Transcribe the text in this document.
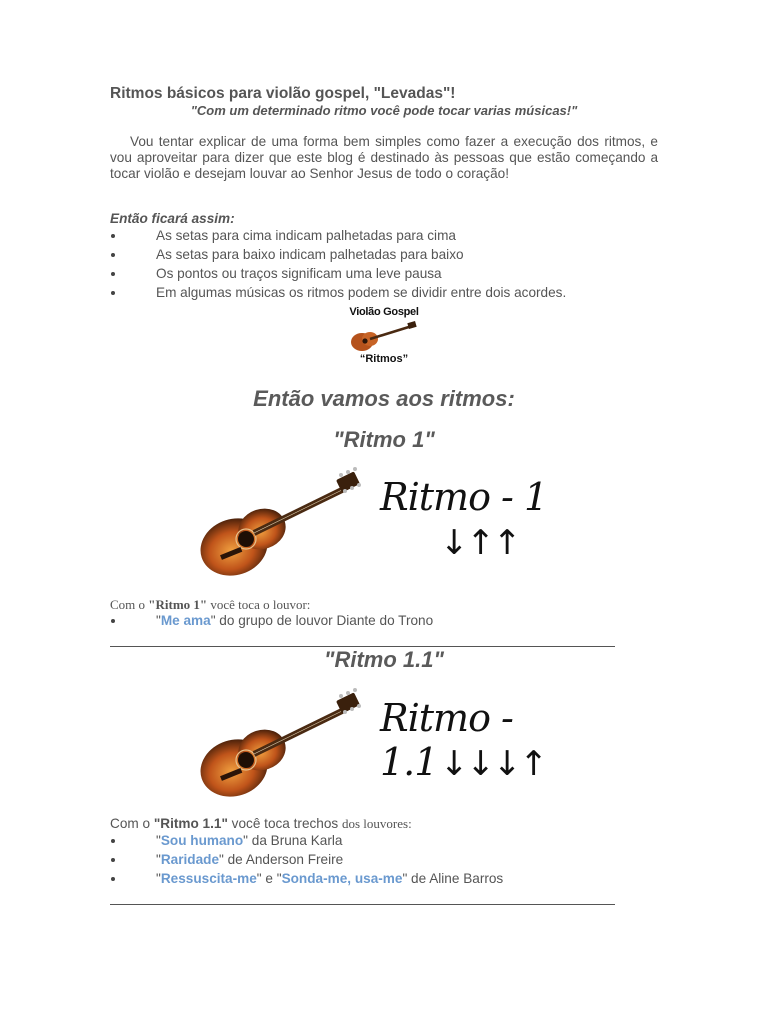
Ritmos básicos para violão gospel, "Levadas"!
"Com um determinado ritmo você pode tocar varias músicas!"
Vou tentar explicar de uma forma bem simples como fazer a execução dos ritmos, e vou aproveitar para dizer que este blog é destinado às pessoas que estão começando a tocar violão e desejam louvar ao Senhor Jesus de todo o coração!
Então ficará assim:
As setas para cima indicam palhetadas para cima
As setas para baixo indicam palhetadas para baixo
Os pontos ou traços significam uma leve pausa
Em algumas músicas os ritmos podem se dividir entre dois acordes.
Violão Gospel
“Ritmos”
Então vamos aos ritmos:
"Ritmo 1"
Ritmo - 1
↓↑↑
Com o "Ritmo 1" você toca o louvor:
"Me ama" do grupo de louvor Diante do Trono
"Ritmo 1.1"
Ritmo - 1.1 ↓↓↓↑
Com o "Ritmo 1.1" você toca trechos dos louvores:
"Sou humano" da Bruna Karla
"Raridade" de Anderson Freire
"Ressuscita-me" e "Sonda-me, usa-me" de Aline Barros
